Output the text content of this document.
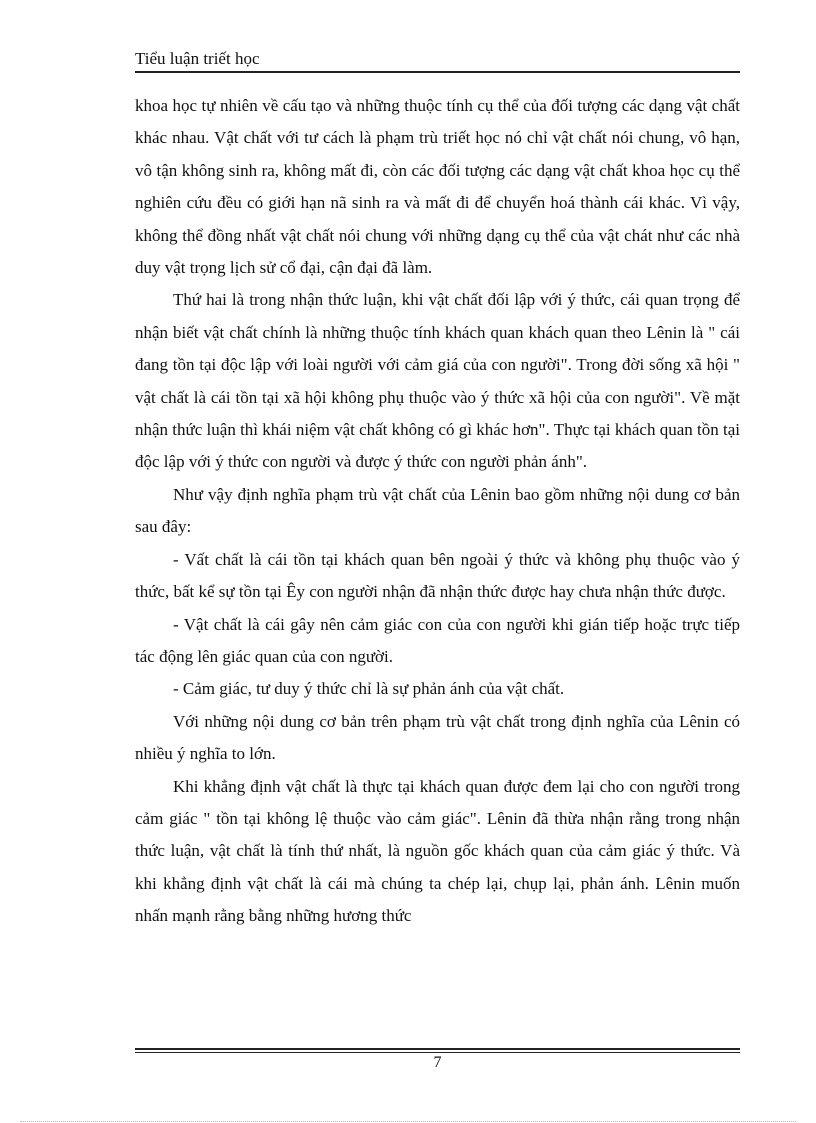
Tiểu luận triết học

khoa học tự nhiên về cấu tạo và những thuộc tính cụ thể của đối tượng các dạng vật chất khác nhau. Vật chất với tư cách là phạm trù triết học nó chỉ vật chất nói chung, vô hạn, vô tận không sinh ra, không mất đi, còn các đối tượng các dạng vật chất khoa học cụ thể nghiên cứu đều có giới hạn nã sinh ra và mất đi để chuyển hoá thành cái khác. Vì vậy, không thể đồng nhất vật chất nói chung với những dạng cụ thể của vật chát như các nhà duy vật trọng lịch sử cổ đại, cận đại đã làm.

Thứ hai là trong nhận thức luận, khi vật chất đối lập với ý thức, cái quan trọng để nhận biết vật chất chính là những thuộc tính khách quan khách quan theo Lênin là " cái đang tồn tại độc lập với loài người với cảm giá của con người". Trong đời sống xã hội " vật chất là cái tồn tại xã hội không phụ thuộc vào ý thức xã hội của con người". Về mặt nhận thức luận thì khái niệm vật chất không có gì khác hơn". Thực tại khách quan tồn tại độc lập với ý thức con người và được ý thức con người phản ánh".

Như vậy định nghĩa phạm trù vật chất của Lênin bao gồm những nội dung cơ bản sau đây:

- Vất chất là cái tồn tại khách quan bên ngoài ý thức và không phụ thuộc vào ý thức, bất kể sự tồn tại Êy con người nhận đã nhận thức được hay chưa nhận thức được.

- Vật chất là cái gây nên cảm giác con của con người khi gián tiếp hoặc trực tiếp tác động lên giác quan của con người.

- Cảm giác, tư duy ý thức chỉ là sự phản ánh của vật chất.

Với những nội dung cơ bản trên phạm trù vật chất trong định nghĩa của Lênin có nhiều ý nghĩa to lớn.

Khi khẳng định vật chất là thực tại khách quan được đem lại cho con người trong cảm giác " tồn tại không lệ thuộc vào cảm giác". Lênin đã thừa nhận rằng trong nhận thức luận, vật chất là tính thứ nhất, là nguồn gốc khách quan của cảm giác ý thức. Và khi khẳng định vật chất là cái mà chúng ta chép lại, chụp lại, phản ánh. Lênin muốn nhấn mạnh rằng bằng những hương thức

7
